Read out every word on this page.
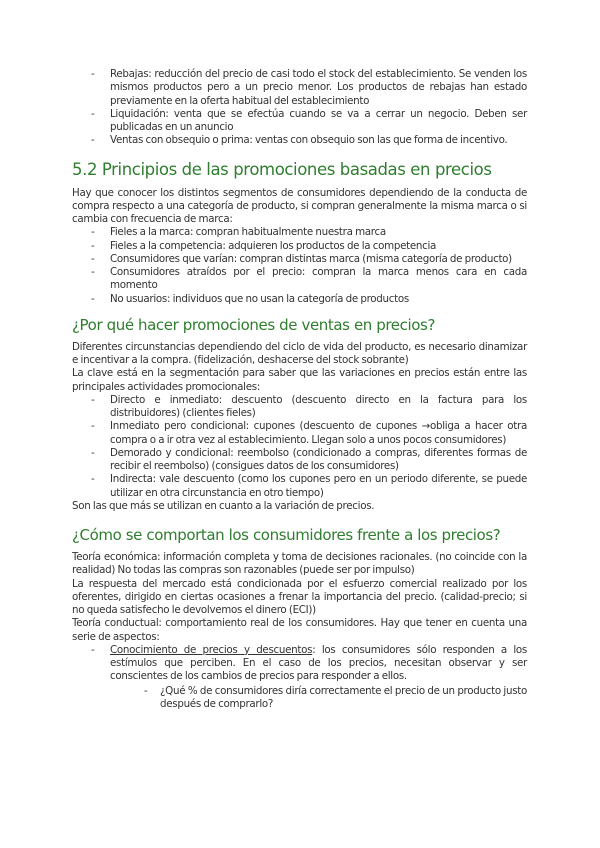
- Rebajas: reducción del precio de casi todo el stock del establecimiento. Se venden los mismos productos pero a un precio menor. Los productos de rebajas han estado previamente en la oferta habitual del establecimiento
- Liquidación: venta que se efectúa cuando se va a cerrar un negocio. Deben ser publicadas en un anuncio
- Ventas con obsequio o prima: ventas con obsequio son las que forma de incentivo.
5.2 Principios de las promociones basadas en precios

Hay que conocer los distintos segmentos de consumidores dependiendo de la conducta de compra respecto a una categoría de producto, si compran generalmente la misma marca o si cambia con frecuencia de marca:

- Fieles a la marca: compran habitualmente nuestra marca
- Fieles a la competencia: adquieren los productos de la competencia
- Consumidores que varían: compran distintas marca (misma categoría de producto)
- Consumidores atraídos por el precio: compran la marca menos cara en cada momento
- No usuarios: individuos que no usan la categoría de productos
¿Por qué hacer promociones de ventas en precios?

Diferentes circunstancias dependiendo del ciclo de vida del producto, es necesario dinamizar e incentivar a la compra. (fidelización, deshacerse del stock sobrante)

La clave está en la segmentación para saber que las variaciones en precios están entre las principales actividades promocionales:

- Directo e inmediato: descuento (descuento directo en la factura para los distribuidores) (clientes fieles)
- Inmediato pero condicional: cupones (descuento de cupones →obliga a hacer otra compra o a ir otra vez al establecimiento. Llegan solo a unos pocos consumidores)
- Demorado y condicional: reembolso (condicionado a compras, diferentes formas de recibir el reembolso) (consigues datos de los consumidores)
- Indirecta: vale descuento (como los cupones pero en un periodo diferente, se puede utilizar en otra circunstancia en otro tiempo)

Son las que más se utilizan en cuanto a la variación de precios.

¿Cómo se comportan los consumidores frente a los precios?

Teoría económica: información completa y toma de decisiones racionales. (no coincide con la realidad) No todas las compras son razonables (puede ser por impulso)

La respuesta del mercado está condicionada por el esfuerzo comercial realizado por los oferentes, dirigido en ciertas ocasiones a frenar la importancia del precio. (calidad-precio; si no queda satisfecho le devolvemos el dinero (ECI))

Teoría conductual: comportamiento real de los consumidores. Hay que tener en cuenta una serie de aspectos:

- Conocimiento de precios y descuentos: los consumidores sólo responden a los estímulos que perciben. En el caso de los precios, necesitan observar y ser conscientes de los cambios de precios para responder a ellos.
- ¿Qué % de consumidores diría correctamente el precio de un producto justo después de comprarlo?
